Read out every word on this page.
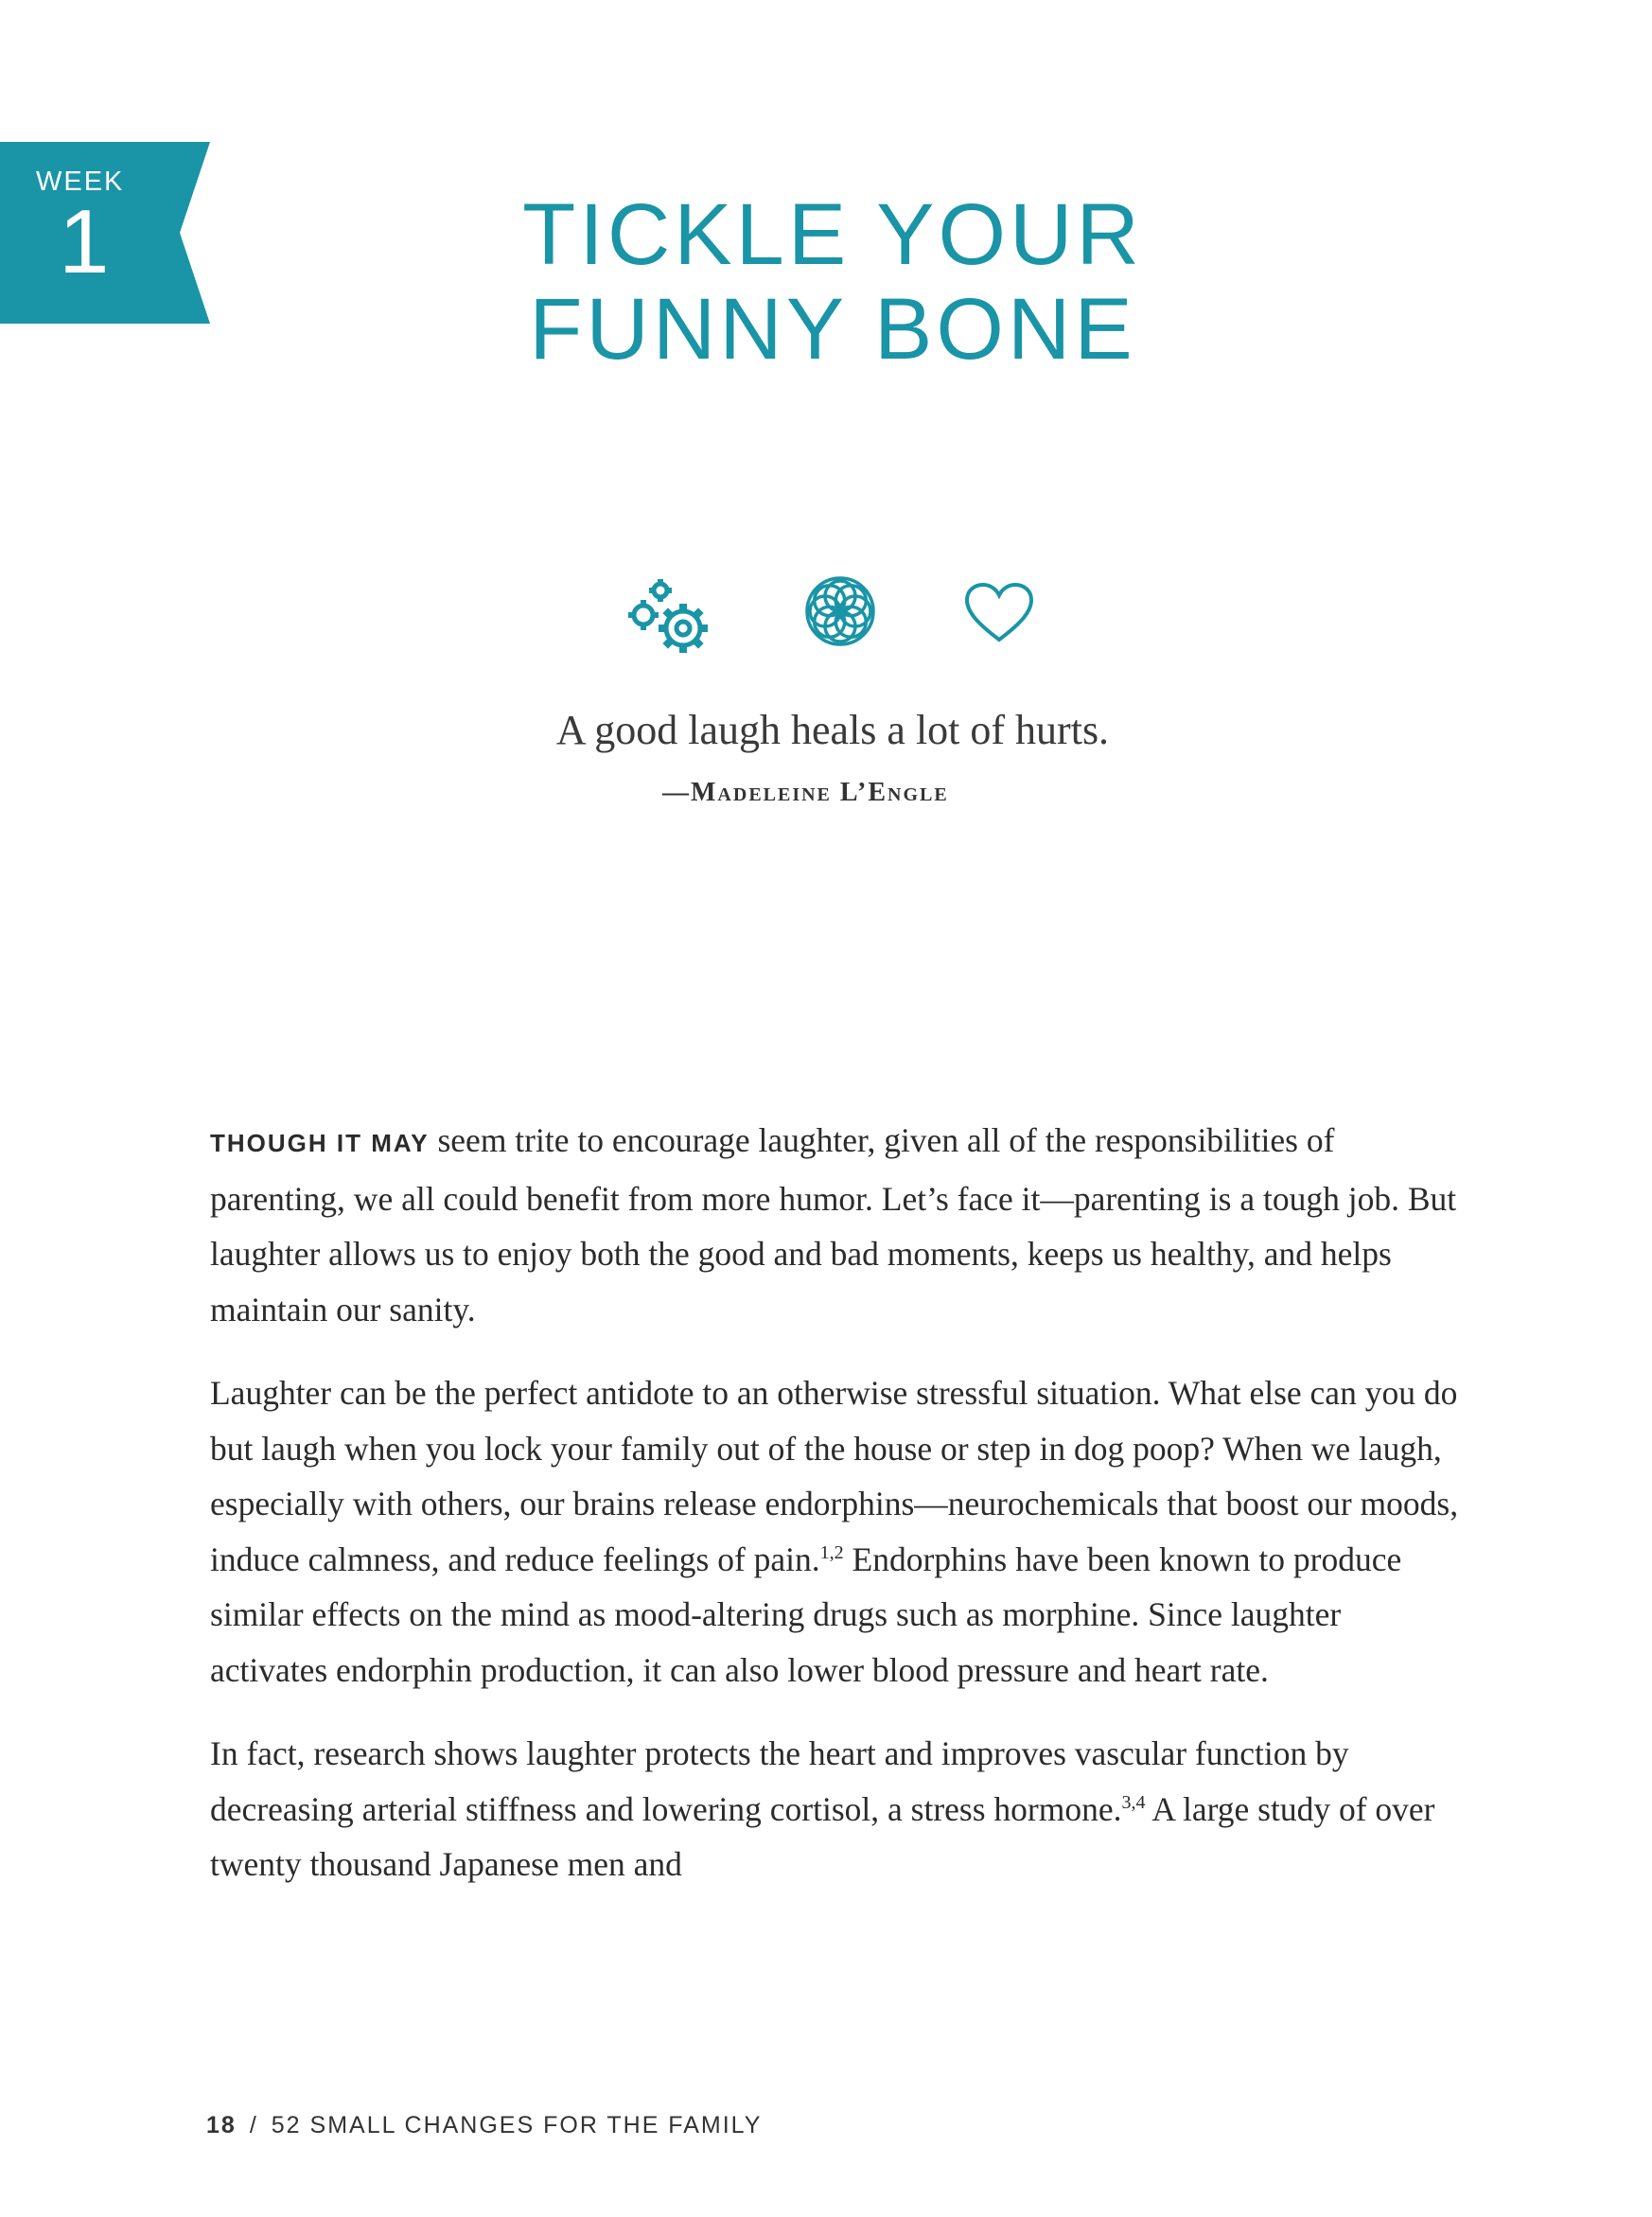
WEEK
1	TICKLE YOUR
FUNNY BONE
A good laugh heals a lot of hurts.
—Madeleine L’Engle

THOUGH IT MAY seem trite to encourage laughter, given all of the responsibilities of parenting, we all could benefit from more humor. Let’s face it—parenting is a tough job. But laughter allows us to enjoy both the good and bad moments, keeps us healthy, and helps maintain our sanity.

Laughter can be the perfect antidote to an otherwise stressful situation. What else can you do but laugh when you lock your family out of the house or step in dog poop? When we laugh, especially with others, our brains release endorphins—neurochemicals that boost our moods, induce calmness, and reduce feelings of pain.$^{1,2}$ Endorphins have been known to produce similar effects on the mind as mood-altering drugs such as morphine. Since laughter activates endorphin production, it can also lower blood pressure and heart rate.

In fact, research shows laughter protects the heart and improves vascular function by decreasing arterial stiffness and lowering cortisol, a stress hormone.$^{3,4}$ A large study of over twenty thousand Japanese men and

18 / 52 SMALL CHANGES FOR THE FAMILY
